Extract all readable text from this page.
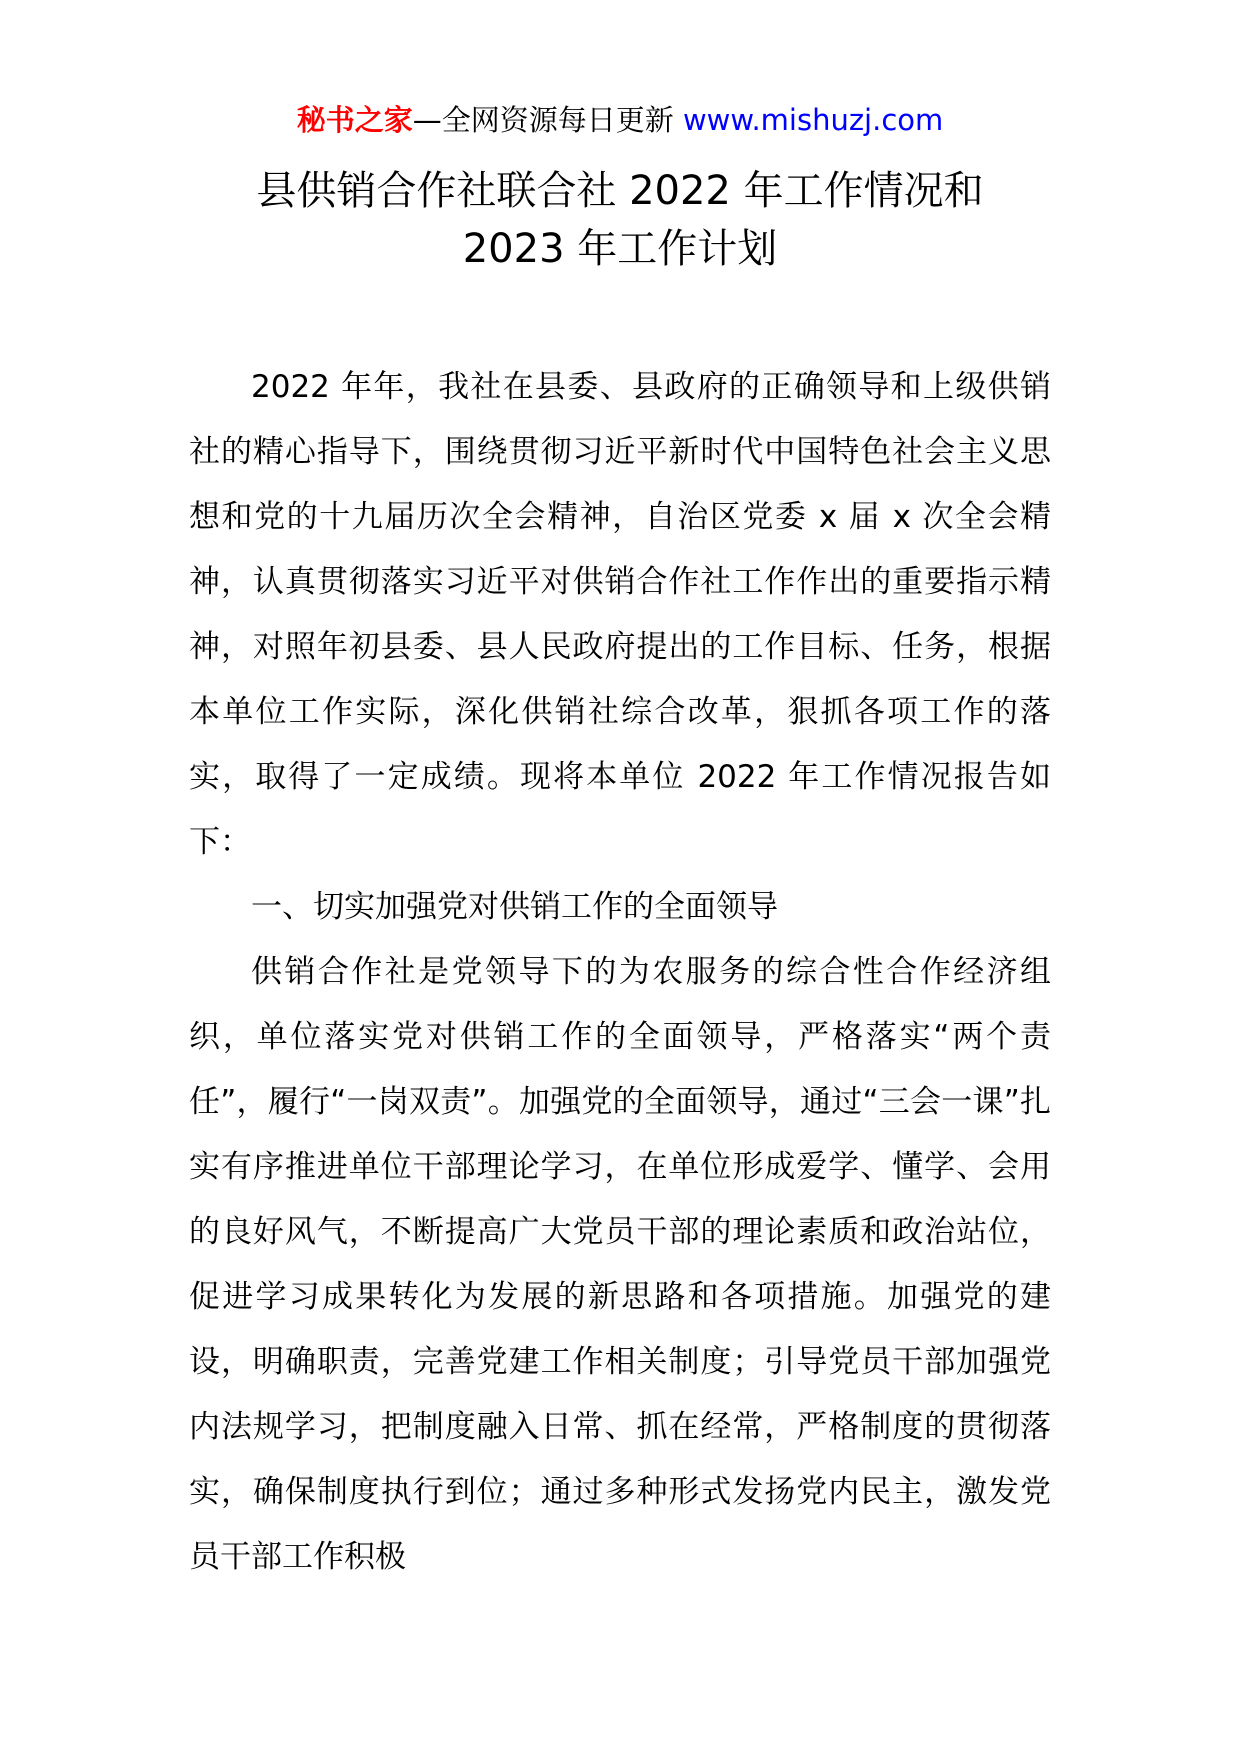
秘书之家—全网资源每日更新 www.mishuzj.com
县供销合作社联合社 2022 年工作情况和
2023 年工作计划

2022 年年，我社在县委、县政府的正确领导和上级供销社的精心指导下，围绕贯彻习近平新时代中国特色社会主义思想和党的十九届历次全会精神，自治区党委 x 届 x 次全会精神，认真贯彻落实习近平对供销合作社工作作出的重要指示精神，对照年初县委、县人民政府提出的工作目标、任务，根据本单位工作实际，深化供销社综合改革，狠抓各项工作的落实，取得了一定成绩。现将本单位 2022 年工作情况报告如下：

一、切实加强党对供销工作的全面领导

供销合作社是党领导下的为农服务的综合性合作经济组织，单位落实党对供销工作的全面领导，严格落实“两个责任”，履行“一岗双责”。加强党的全面领导，通过“三会一课”扎实有序推进单位干部理论学习，在单位形成爱学、懂学、会用的良好风气，不断提高广大党员干部的理论素质和政治站位，促进学习成果转化为发展的新思路和各项措施。加强党的建设，明确职责，完善党建工作相关制度；引导党员干部加强党内法规学习，把制度融入日常、抓在经常，严格制度的贯彻落实，确保制度执行到位；通过多种形式发扬党内民主，激发党员干部工作积极
